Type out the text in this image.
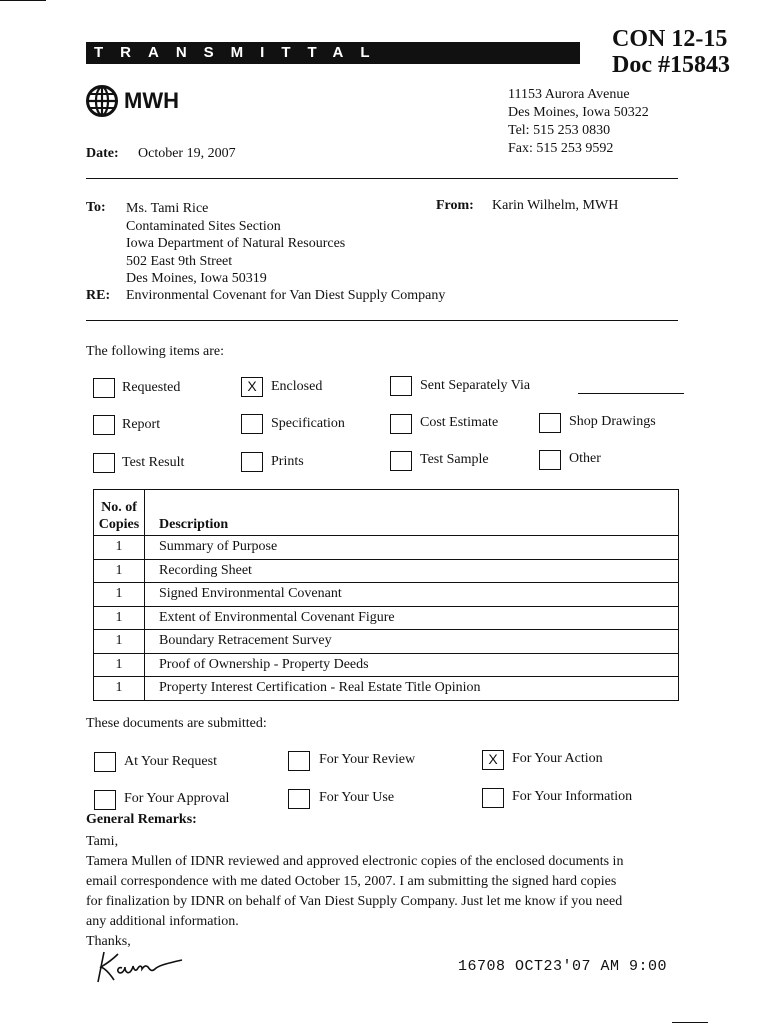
TRANSMITTAL
CON 12-15
Doc #15843
MWH	11153 Aurora Avenue
Des Moines, Iowa 50322
Tel: 515 253 0830
Fax: 515 253 9592
Date: October 19, 2007
To: Ms. Tami Rice
Contaminated Sites Section
Iowa Department of Natural Resources
502 East 9th Street
Des Moines, Iowa 50319
From: Karin Wilhelm, MWH
RE: Environmental Covenant for Van Diest Supply Company
The following items are:
Requested	X	Enclosed	Sent Separately Via
Report	Specification	Cost Estimate	Shop Drawings
Test Result	Prints	Test Sample	Other
No. of
Copies	Description
1	Summary of Purpose
1	Recording Sheet
1	Signed Environmental Covenant
1	Extent of Environmental Covenant Figure
1	Boundary Retracement Survey
1	Proof of Ownership - Property Deeds
1	Property Interest Certification - Real Estate Title Opinion
These documents are submitted:
At Your Request	For Your Review	X	For Your Action
For Your Approval	For Your Use	For Your Information
General Remarks:
Tami,
Tamera Mullen of IDNR reviewed and approved electronic copies of the enclosed documents in
email correspondence with me dated October 15, 2007. I am submitting the signed hard copies
for finalization by IDNR on behalf of Van Diest Supply Company. Just let me know if you need
any additional information.
Thanks,
16708 OCT23'07 AM 9:00
